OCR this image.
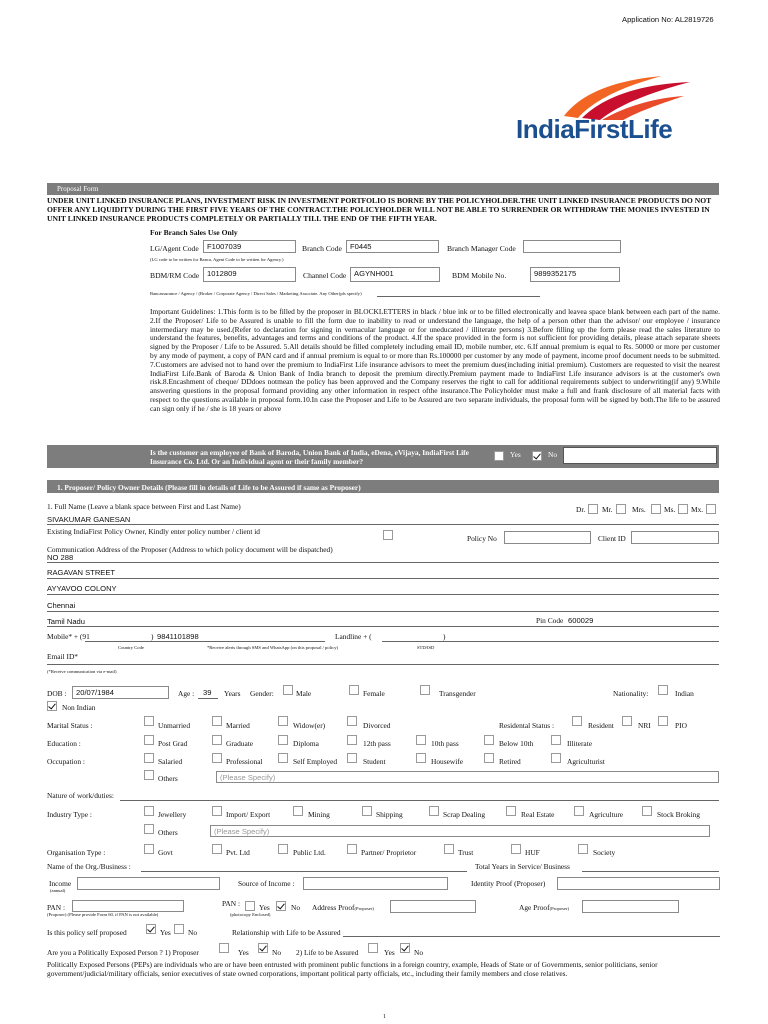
Application No: AL2819726
IndiaFirstLife
Proposal Form
UNDER UNIT LINKED INSURANCE PLANS, INVESTMENT RISK IN INVESTMENT PORTFOLIO IS BORNE BY THE POLICYHOLDER.THE UNIT LINKED INSURANCE PRODUCTS DO NOT OFFER ANY LIQUIDITY DURING THE FIRST FIVE YEARS OF THE CONTRACT.THE POLICYHOLDER WILL NOT BE ABLE TO SURRENDER OR WITHDRAW THE MONIES INVESTED IN UNIT LINKED INSURANCE PRODUCTS COMPLETELY OR PARTIALLY TILL THE END OF THE FIFTH YEAR.
For Branch Sales Use Only
LG/Agent Code	F1007039	Branch Code	F0445	Branch Manager Code
(LG code to be written for Banca, Agent Code to be written for Agency.)
BDM/RM Code	1012809	Channel Code	AGYNH001	BDM Mobile No.	9899352175
Bancassurance / Agency / (Broker / Corporate Agency / Direct Sales / Marketing Associate. Any Other(pls specify)
Important Guidelines: 1.This form is to be filled by the proposer in BLOCKLETTERS in black / blue ink or to be filled electronically and leavea space blank between each part of the name. 2.If the Proposer/ Life to be Assured is unable to fill the form due to inability to read or understand the language, the help of a person other than the advisor/ our employee / insurance intermediary may be used.(Refer to declaration for signing in vernacular language or for uneducated / illiterate persons) 3.Before filling up the form please read the sales literature to understand the features, benefits, advantages and terms and conditions of the product. 4.If the space provided in the form is not sufficient for providing details, please attach separate sheets signed by the Proposer / Life to be Assured. 5.All details should be filled completely including email ID, mobile number, etc. 6.If annual premium is equal to Rs. 50000 or more per customer by any mode of payment, a copy of PAN card and if annual premium is equal to or more than Rs.100000 per customer by any mode of payment, income proof document needs to be submitted. 7.Customers are advised not to hand over the premium to IndiaFirst Life insurance advisors to meet the premium dues(including initial premium). Customers are requested to visit the nearest IndiaFirst Life.Bank of Baroda & Union Bank of India branch to deposit the premium directly.Premium payment made to IndiaFirst Life insurance advisors is at the customer's own risk.8.Encashment of cheque/ DDdoes notmean the policy has been approved and the Company reserves the right to call for additional requirements subject to underwriting(if any) 9.While answering questions in the proposal formand providing any other information in respect ofthe insurance.The Policyholder must make a full and frank disclosure of all material facts with respect to the questions available in proposal form.10.In case the Proposer and Life to be Assured are two separate individuals, the proposal form will be signed by both.The life to be assured can sign only if he / she is 18 years or above
Is the customer an employee of Bank of Baroda, Union Bank of India, eDena, eVijaya, IndiaFirst Life Insurance Co. Ltd. Or an Individual agent or their family member?
Yes	No
1. Proposer/ Policy Owner Details (Please fill in details of Life to be Assured if same as Proposer)
1. Full Name (Leave a blank space between First and Last Name)	Dr. Mr.	Mrs. Ms. Mx.
SIVAKUMAR GANESAN
Existing IndiaFirst Policy Owner, Kindly enter policy number / client id
Policy No	Client ID
Communication Address of the Proposer (Address to which policy document will be dispatched)
NO 288
RAGAVAN STREET
AYYAVOO COLONY
Chennai
Tamil Nadu	Pin Code 600029
Mobile* + (91	) 9841101898	Landline + (	)
Country Code	*Receive alerts through SMS and WhatsApp (on this proposal / policy)	STD/ISD
Email ID*
(*Receive communication via e-mail)
DOB :	20/07/1984	Age : 39 Years Gender:	Male	Female	Transgender	Nationality:	Indian
Non Indian
Marital Status :	Unmarried	Married	Widow(er)	Divorced	Residental Status :	Resident	NRI	PIO
Education :	Post Grad	Graduate	Diploma	12th pass	10th pass	Below 10th	Illiterate
Occupation :	Salaried	Professional	Self Employed	Student	Housewife	Retired	Agriculturist
Others	(Please Specify)
Nature of work/duties:
Industry Type :	Jewellery	Import/ Export	Mining	Shipping	Scrap Dealing	Real Estate	Agriculture	Stock Broking
Others	(Please Specify)
Organisation Type :	Govt	Pvt. Ltd	Public Ltd.	Partner/ Proprietor	Trust	HUF	Society
Name of the Org./Business :	Total Years in Service/ Business
Income
(annual)
Source of Income :	Identity Proof (Proposer)
PAN :
(Proposer) (Please provide Form 60, if PAN is not available)
PAN :	Yes	No
(photocopy Enclosed)
Address Proof(Proposer)	Age Proof(Proposer)
Is this policy self proposed	Yes No	Relationship with Life to be Assured
Are you a Politically Exposed Person ? 1) Proposer	Yes	No 2) Life to be Assured	Yes	No
Politically Exposed Persons (PEPs) are individuals who are or have been entrusted with prominent public functions in a foreign country, example, Heads of State or of Governments, senior politicians, senior government/judicial/military officials, senior executives of state owned corporations, important political party officials, etc., including their family members and close relatives.
1
